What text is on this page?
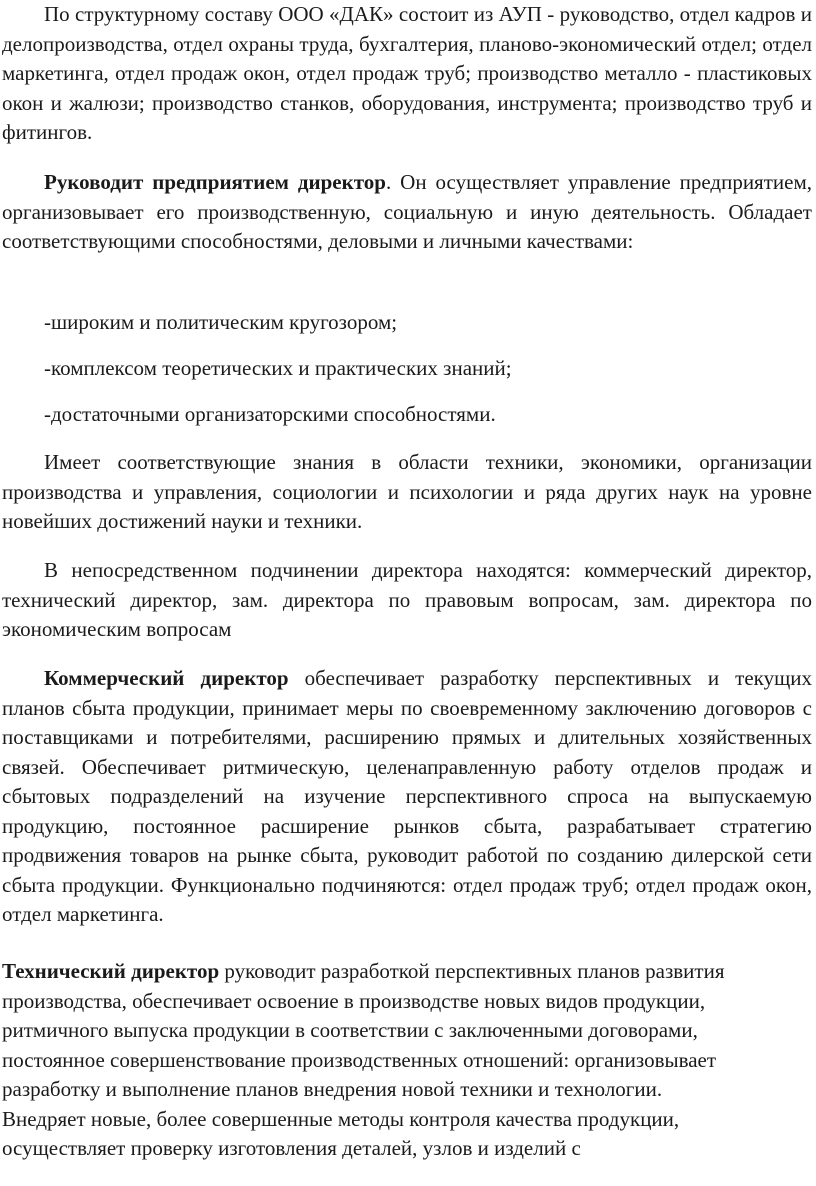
По структурному составу ООО «ДАК» состоит из АУП - руководство, отдел кадров и делопроизводства, отдел охраны труда, бухгалтерия, планово-экономический отдел; отдел маркетинга, отдел продаж окон, отдел продаж труб; производство металло - пластиковых окон и жалюзи; производство станков, оборудования, инструмента; производство труб и фитингов.

Руководит предприятием директор. Он осуществляет управление предприятием, организовывает его производственную, социальную и иную деятельность. Обладает соответствующими способностями, деловыми и личными качествами:

-широким и политическим кругозором;

-комплексом теоретических и практических знаний;

-достаточными организаторскими способностями.

Имеет соответствующие знания в области техники, экономики, организации производства и управления, социологии и психологии и ряда других наук на уровне новейших достижений науки и техники.

В непосредственном подчинении директора находятся: коммерческий директор, технический директор, зам. директора по правовым вопросам, зам. директора по экономическим вопросам

Коммерческий директор обеспечивает разработку перспективных и текущих планов сбыта продукции, принимает меры по своевременному заключению договоров с поставщиками и потребителями, расширению прямых и длительных хозяйственных связей. Обеспечивает ритмическую, целенаправленную работу отделов продаж и сбытовых подразделений на изучение перспективного спроса на выпускаемую продукцию, постоянное расширение рынков сбыта, разрабатывает стратегию продвижения товаров на рынке сбыта, руководит работой по созданию дилерской сети сбыта продукции. Функционально подчиняются: отдел продаж труб; отдел продаж окон, отдел маркетинга.

Технический директор руководит разработкой перспективных планов развития
производства, обеспечивает освоение в производстве новых видов продукции,
ритмичного выпуска продукции в соответствии с заключенными договорами,
постоянное совершенствование производственных отношений: организовывает
разработку и выполнение планов внедрения новой техники и технологии.
Внедряет новые, более совершенные методы контроля качества продукции,
осуществляет проверку изготовления деталей, узлов и изделий с
